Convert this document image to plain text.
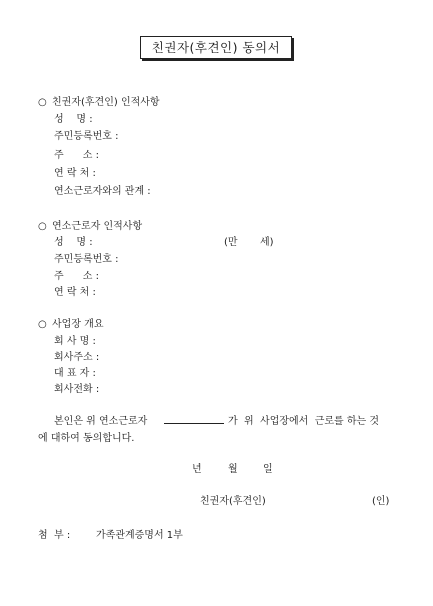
친권자(후견인) 동의서
○ 친권자(후견인) 인적사항
성    명 :
주민등록번호 :
주      소 :
연 락 처 :
연소근로자와의 관계 :
○ 연소근로자 인적사항
성    명 :	(만 세)
주민등록번호 :
주      소 :
연 락 처 :
○ 사업장 개요
회 사 명 :
회사주소 :
대 표 자 :
회사전화 :
본인은 위 연소근로자	가  위  사업장에서  근로를 하는 것
에 대하여 동의합니다.
년	월	일
친권자(후견인)	(인)
첨  부 :	가족관계증명서 1부
